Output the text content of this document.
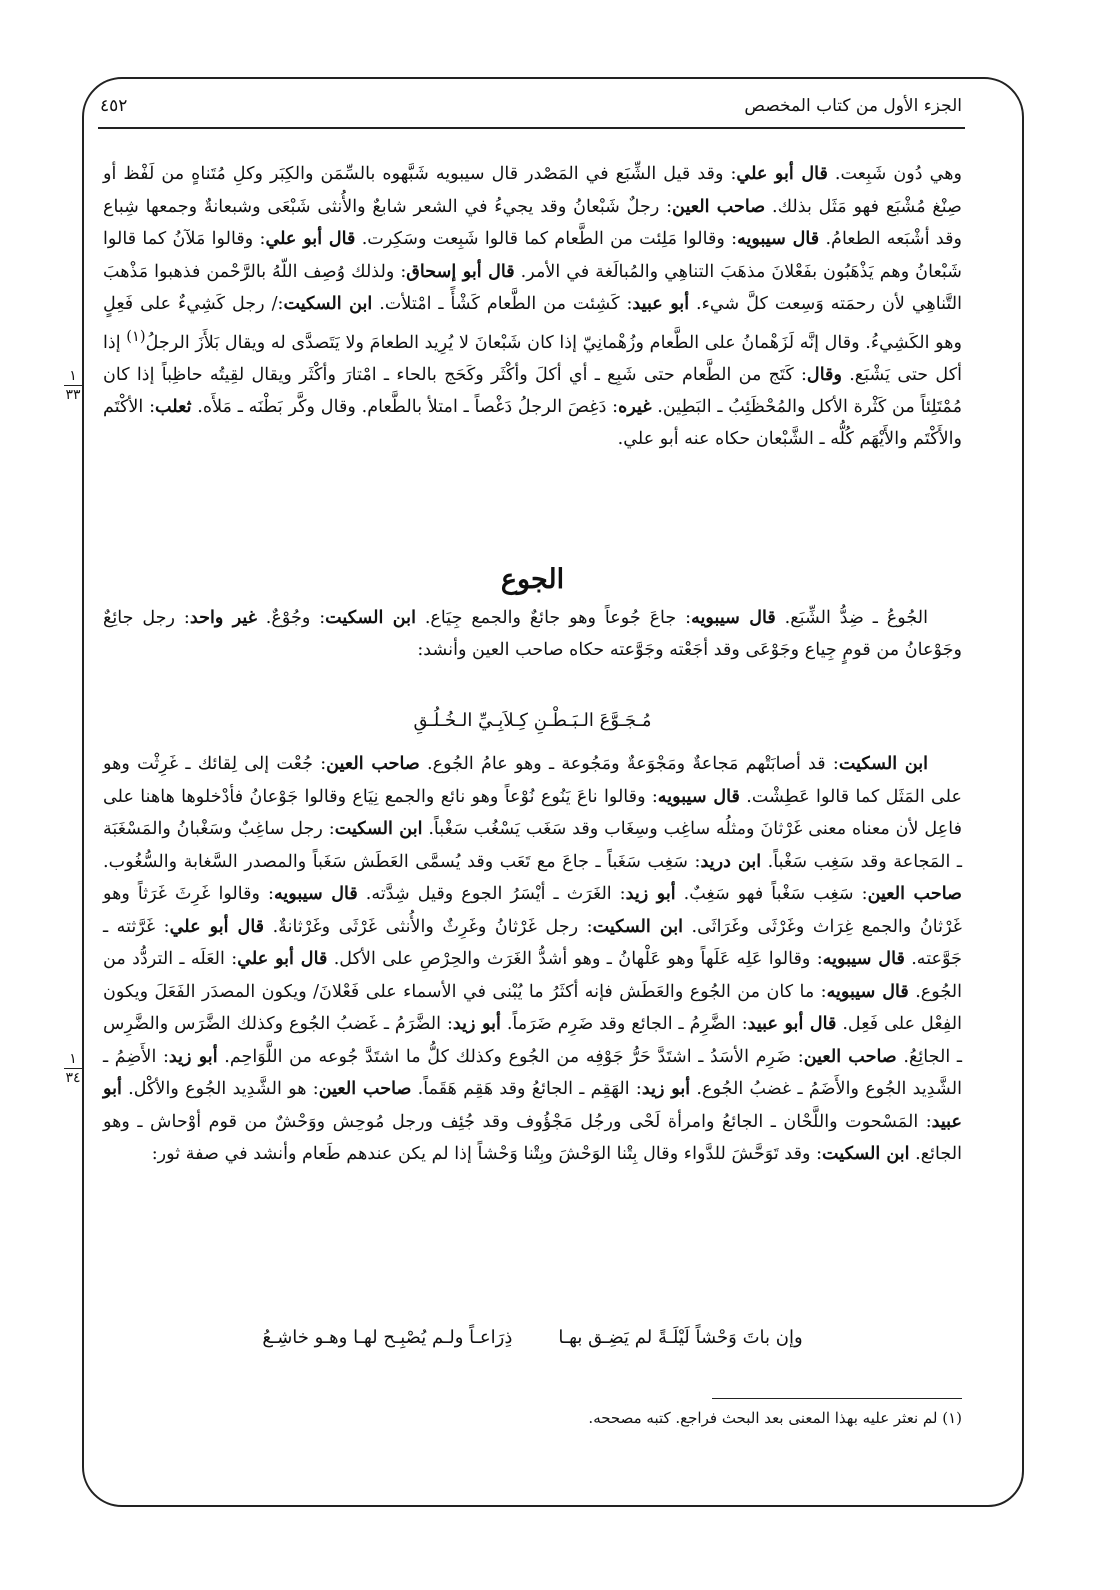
الجزء الأول من كتاب المخصص
٤٥٢

وهي دُون شَبِعت. قال أبو علي: وقد قيل الشِّبَع في المَصْدر قال سيبويه شَبَّهوه بالسِّمَن والكِبَر وكلِ مُتَناهٍ من لَفْظ أو صِنْغ مُشْبَع فهو مَثَل بذلك. صاحب العين: رجلٌ شَبْعانُ وقد يجيءُ في الشعر شابعٌ والأُنثى شَبْعَى وشبعانةٌ وجمعها شِباع وقد أشْبَعه الطعامُ. قال سيبويه: وقالوا مَلِئت من الطَّعام كما قالوا شَبِعت وسَكِرت. قال أبو علي: وقالوا مَلآنُ كما قالوا شَبْعانُ وهم يَذْهَبُون بفَعْلانَ مذهَبَ التناهِي والمُبالَغة في الأمر. قال أبو إسحاق: ولذلك وُصِف اللّهُ بالرَّحْمن فذهبوا مَذْهبَ التَّناهِي لأن رحمَته وَسِعت كلَّ شيء. أبو عبيد: كَشِئت من الطَّعام كَشْأً ـ امْتلأت. ابن السكيت:/ رجل كَشِيءٌ على فَعِلٍ وهو الكَشِيءُ. وقال إنَّه لَزَهْمانُ على الطَّعام وزُهْمانِيّ إذا كان شَبْعانَ لا يُرِيد الطعامَ ولا يَتَصدَّى له ويقال بَلأَزَ الرجلُ$^{(١)}$ إذا أكل حتى يَشْبَع. وقال: كَتَج من الطَّعام حتى شَبِع ـ أي أكلَ وأكْثَر وكَحَج بالحاء ـ امْتارَ وأكْثَر ويقال لقِيتُه حاظِباً إذا كان مُمْتَلِئاً من كَثْرة الأكل والمُحْظَئِبُ ـ البَطِين. غيره: دَغِصَ الرجلُ دَغْصاً ـ امتلأ بالطَّعام. وقال وكَّر بَطْنَه ـ مَلأَه. ثعلب: الأكْتَم والأَكْتَم والأَيْهَم كُلُّه ـ الشَّبْعان حكاه عنه أبو علي.

١
٣٣
الجوع

الجُوعُ ـ ضِدُّ الشِّبَع. قال سيبويه: جاعَ جُوعاً وهو جائعٌ والجمع جِيَاع. ابن السكيت: وجُوْعٌ. غير واحد: رجل جائِعٌ وجَوْعانُ من قومٍ جِياع وجَوْعَى وقد أجَعْته وجَوَّعته حكاه صاحب العين وأنشد:

مُـجَـوَّعَ الـبَـطْـنِ كِـلاَبِـيِّ الـخُـلُـقِ

ابن السكيت: قد أصابَتْهم مَجاعةٌ ومَجْوَعةٌ ومَجُوعة ـ وهو عامُ الجُوع. صاحب العين: جُعْت إلى لِقائك ـ غَرِثْت وهو على المَثَل كما قالوا عَطِشْت. قال سيبويه: وقالوا ناعَ يَنُوع نُوْعاً وهو نائع والجمع نِيَاع وقالوا جَوْعانُ فأدْخلوها هاهنا على فاعِل لأن معناه معنى غَرْثانَ ومثلُه ساغِب وسِغَاب وقد سَغَب يَسْغُب سَغْباً. ابن السكيت: رجل ساغِبٌ وسَغْبانُ والمَسْغَبَة ـ المَجاعة وقد سَغِب سَغْباً. ابن دريد: سَغِب سَغَباً ـ جاعَ مع تَعَب وقد يُسمَّى العَطَش سَغَباً والمصدر السَّغابة والسُّغُوب. صاحب العين: سَغِب سَغْباً فهو سَغِبٌ. أبو زيد: الغَرَث ـ أيْسَرُ الجوع وقيل شِدَّته. قال سيبويه: وقالوا غَرِثَ غَرَثاً وهو غَرْثانُ والجمع غِرَاث وغَرْثَى وغَرَاثَى. ابن السكيت: رجل غَرْثانُ وغَرِثٌ والأُنثى غَرْثَى وغَرْثانةٌ. قال أبو علي: غَرَّثته ـ جَوَّعته. قال سيبويه: وقالوا عَلِه عَلَهاً وهو عَلْهانُ ـ وهو أشدُّ الغَرَث والحِرْصِ على الأكل. قال أبو علي: العَلَه ـ التردُّد من الجُوع. قال سيبويه: ما كان من الجُوع والعَطَش فإنه أكثَرُ ما يُبْنى في الأسماء على فَعْلانَ/ ويكون المصدَر الفَعَلَ ويكون الفِعْل على فَعِل. قال أبو عبيد: الضَّرِمُ ـ الجائع وقد ضَرِم ضَرَماً. أبو زيد: الضَّرَمُ ـ غَضبُ الجُوع وكذلك الضَّرَس والضَّرِس ـ الجائِعُ. صاحب العين: ضَرِم الأسَدُ ـ اشتَدَّ حَرُّ جَوْفِه من الجُوع وكذلك كلُّ ما اشتَدَّ جُوعه من اللَّوَاحِم. أبو زيد: الأَضِمُ ـ الشَّدِيد الجُوع والأَضَمُ ـ غضبُ الجُوع. أبو زيد: الهَقِم ـ الجائعُ وقد هَقِم هَقَماً. صاحب العين: هو الشَّدِيد الجُوع والأكْل. أبو عبيد: المَسْحوت واللَّحْان ـ الجائعُ وامرأة لَحْى ورجُل مَجْؤُوف وقد جُئِف ورجل مُوحِش ووَحْشٌ من قوم أوْحاش ـ وهو الجائع. ابن السكيت: وقد تَوَحَّشَ للدَّواء وقال بِتْنا الوَحْشَ وبِتْنا وَحْشاً إذا لم يكن عندهم طَعام وأنشد في صفة ثور:

١
٣٤
وإن باتَ وَحْشاً لَيْلَـةً لم يَضِـق بهـا
ذِرَاعـاً ولـم يُصْبِـح لهـا وهـو خاشِـعُ
(١) لم نعثر عليه بهذا المعنى بعد البحث فراجع. كتبه مصححه.
